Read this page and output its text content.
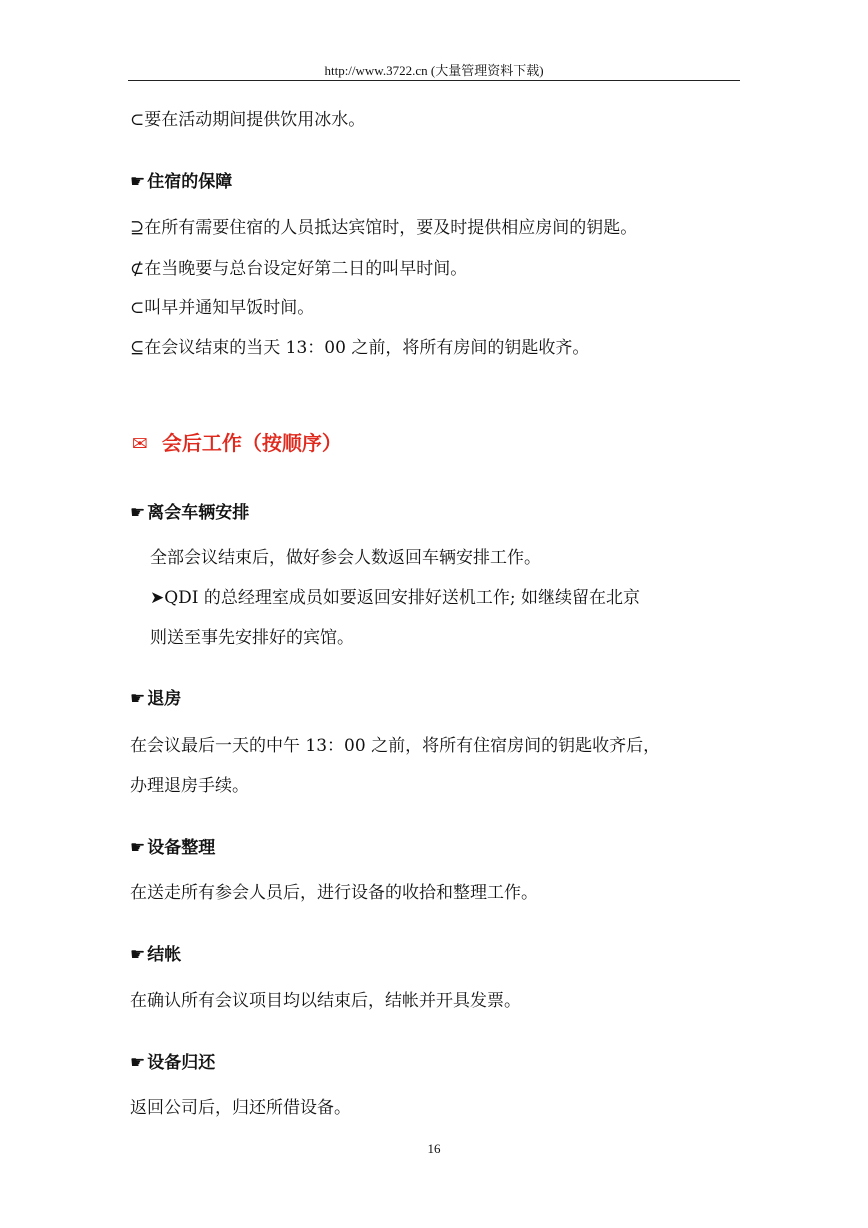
http://www.3722.cn (大量管理资料下载)
⊂要在活动期间提供饮用冰水。
☛ 住宿的保障
⊇在所有需要住宿的人员抵达宾馆时，要及时提供相应房间的钥匙。
⊄在当晚要与总台设定好第二日的叫早时间。
⊂叫早并通知早饭时间。
⊆在会议结束的当天 13：00 之前，将所有房间的钥匙收齐。
✉ 会后工作（按顺序）
☛ 离会车辆安排
全部会议结束后，做好参会人数返回车辆安排工作。
➤QDI 的总经理室成员如要返回安排好送机工作; 如继续留在北京
则送至事先安排好的宾馆。
☛ 退房
在会议最后一天的中午 13：00 之前，将所有住宿房间的钥匙收齐后，
办理退房手续。
☛ 设备整理
在送走所有参会人员后，进行设备的收拾和整理工作。
☛ 结帐
在确认所有会议项目均以结束后，结帐并开具发票。
☛ 设备归还
返回公司后，归还所借设备。
16
